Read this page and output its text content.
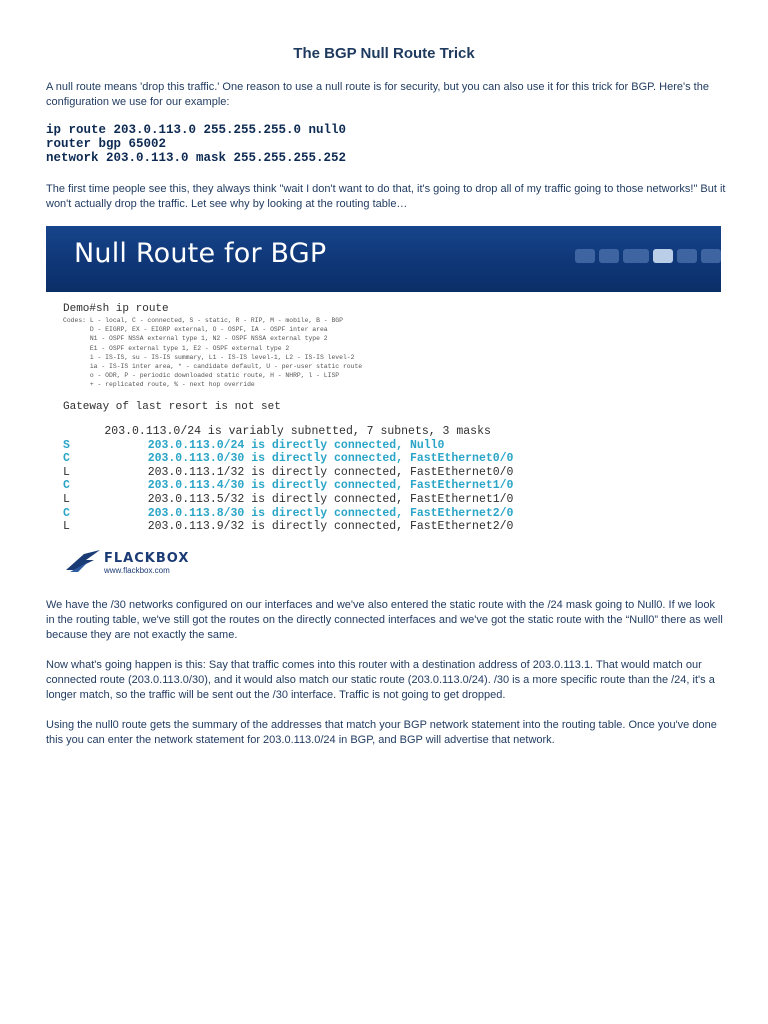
The BGP Null Route Trick

A null route means 'drop this traffic.' One reason to use a null route is for security, but you can also use it for this trick for BGP. Here's the configuration we use for our example:

ip route 203.0.113.0 255.255.255.0 null0
router bgp 65002
network 203.0.113.0 mask 255.255.255.252

The first time people see this, they always think "wait I don't want to do that, it's going to drop all of my traffic going to those networks!" But it won't actually drop the traffic. Let see why by looking at the routing table…

Null Route for BGP
Demo#sh ip route
Codes: L - local, C - connected, S - static, R - RIP, M - mobile, B - BGP
D - EIGRP, EX - EIGRP external, O - OSPF, IA - OSPF inter area
N1 - OSPF NSSA external type 1, N2 - OSPF NSSA external type 2
E1 - OSPF external type 1, E2 - OSPF external type 2
i - IS-IS, su - IS-IS summary, L1 - IS-IS level-1, L2 - IS-IS level-2
ia - IS-IS inter area, * - candidate default, U - per-user static route
o - ODR, P - periodic downloaded static route, H - NHRP, l - LISP
+ - replicated route, % - next hop override
Gateway of last resort is not set
203.0.113.0/24 is variably subnetted, 7 subnets, 3 masks
S	203.0.113.0/24 is directly connected, Null0
C	203.0.113.0/30 is directly connected, FastEthernet0/0
L	203.0.113.1/32 is directly connected, FastEthernet0/0
C	203.0.113.4/30 is directly connected, FastEthernet1/0
L	203.0.113.5/32 is directly connected, FastEthernet1/0
C	203.0.113.8/30 is directly connected, FastEthernet2/0
L	203.0.113.9/32 is directly connected, FastEthernet2/0
FLACKBOX
www.flackbox.com

We have the /30 networks configured on our interfaces and we've also entered the static route with the /24 mask going to Null0. If we look in the routing table, we've still got the routes on the directly connected interfaces and we've got the static route with the “Null0” there as well because they are not exactly the same.

Now what's going happen is this: Say that traffic comes into this router with a destination address of 203.0.113.1. That would match our connected route (203.0.113.0/30), and it would also match our static route (203.0.113.0/24). /30 is a more specific route than the /24, it's a longer match, so the traffic will be sent out the /30 interface. Traffic is not going to get dropped.

Using the null0 route gets the summary of the addresses that match your BGP network statement into the routing table. Once you've done this you can enter the network statement for 203.0.113.0/24 in BGP, and BGP will advertise that network.
